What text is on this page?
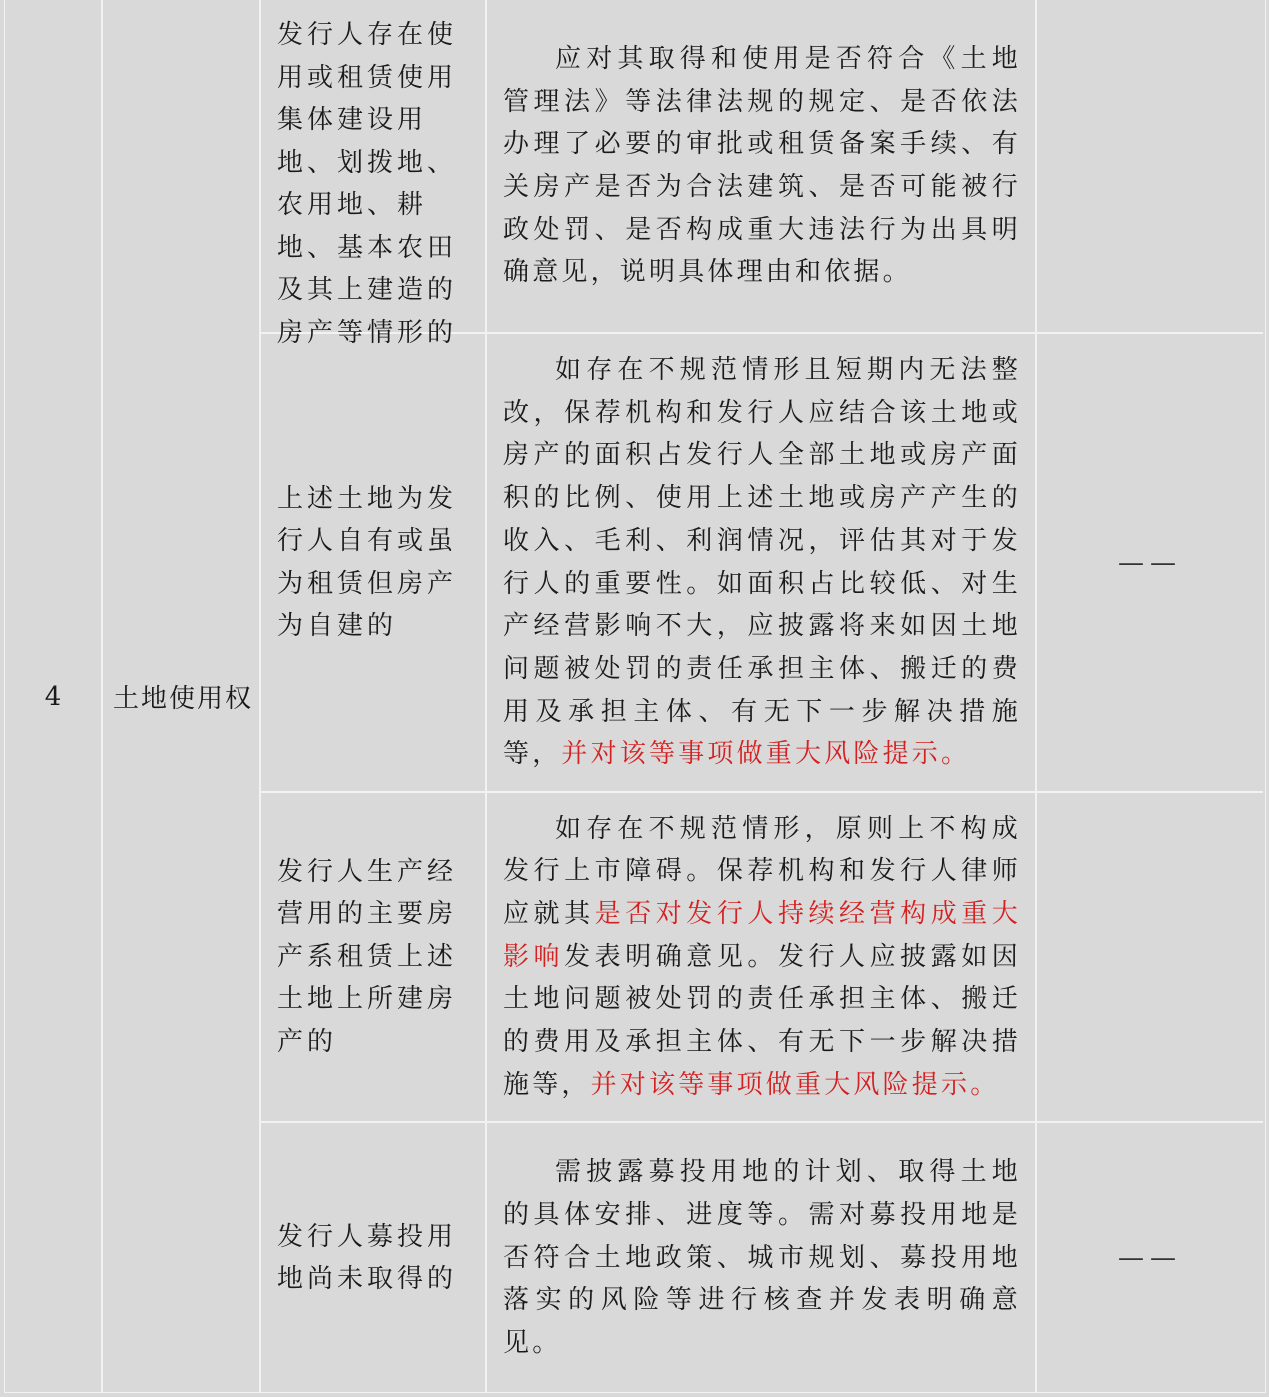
4	土地使用权
发行人存在使用或租赁使用集体建设用地、划拨地、农用地、耕地、基本农田及其上建造的房产等情形的

应对其取得和使用是否符合《土地管理法》等法律法规的规定、是否依法办理了必要的审批或租赁备案手续、有关房产是否为合法建筑、是否可能被行政处罚、是否构成重大违法行为出具明确意见，说明具体理由和依据。

上述土地为发行人自有或虽为租赁但房产为自建的

如存在不规范情形且短期内无法整改，保荐机构和发行人应结合该土地或房产的面积占发行人全部土地或房产面积的比例、使用上述土地或房产产生的收入、毛利、利润情况，评估其对于发行人的重要性。如面积占比较低、对生产经营影响不大，应披露将来如因土地问题被处罚的责任承担主体、搬迁的费用及承担主体、有无下一步解决措施等，并对该等事项做重大风险提示。

——
发行人生产经营用的主要房产系租赁上述土地上所建房产的

如存在不规范情形，原则上不构成发行上市障碍。保荐机构和发行人律师应就其是否对发行人持续经营构成重大影响发表明确意见。发行人应披露如因土地问题被处罚的责任承担主体、搬迁的费用及承担主体、有无下一步解决措施等，并对该等事项做重大风险提示。

发行人募投用地尚未取得的

需披露募投用地的计划、取得土地的具体安排、进度等。需对募投用地是否符合土地政策、城市规划、募投用地落实的风险等进行核查并发表明确意见。

——
